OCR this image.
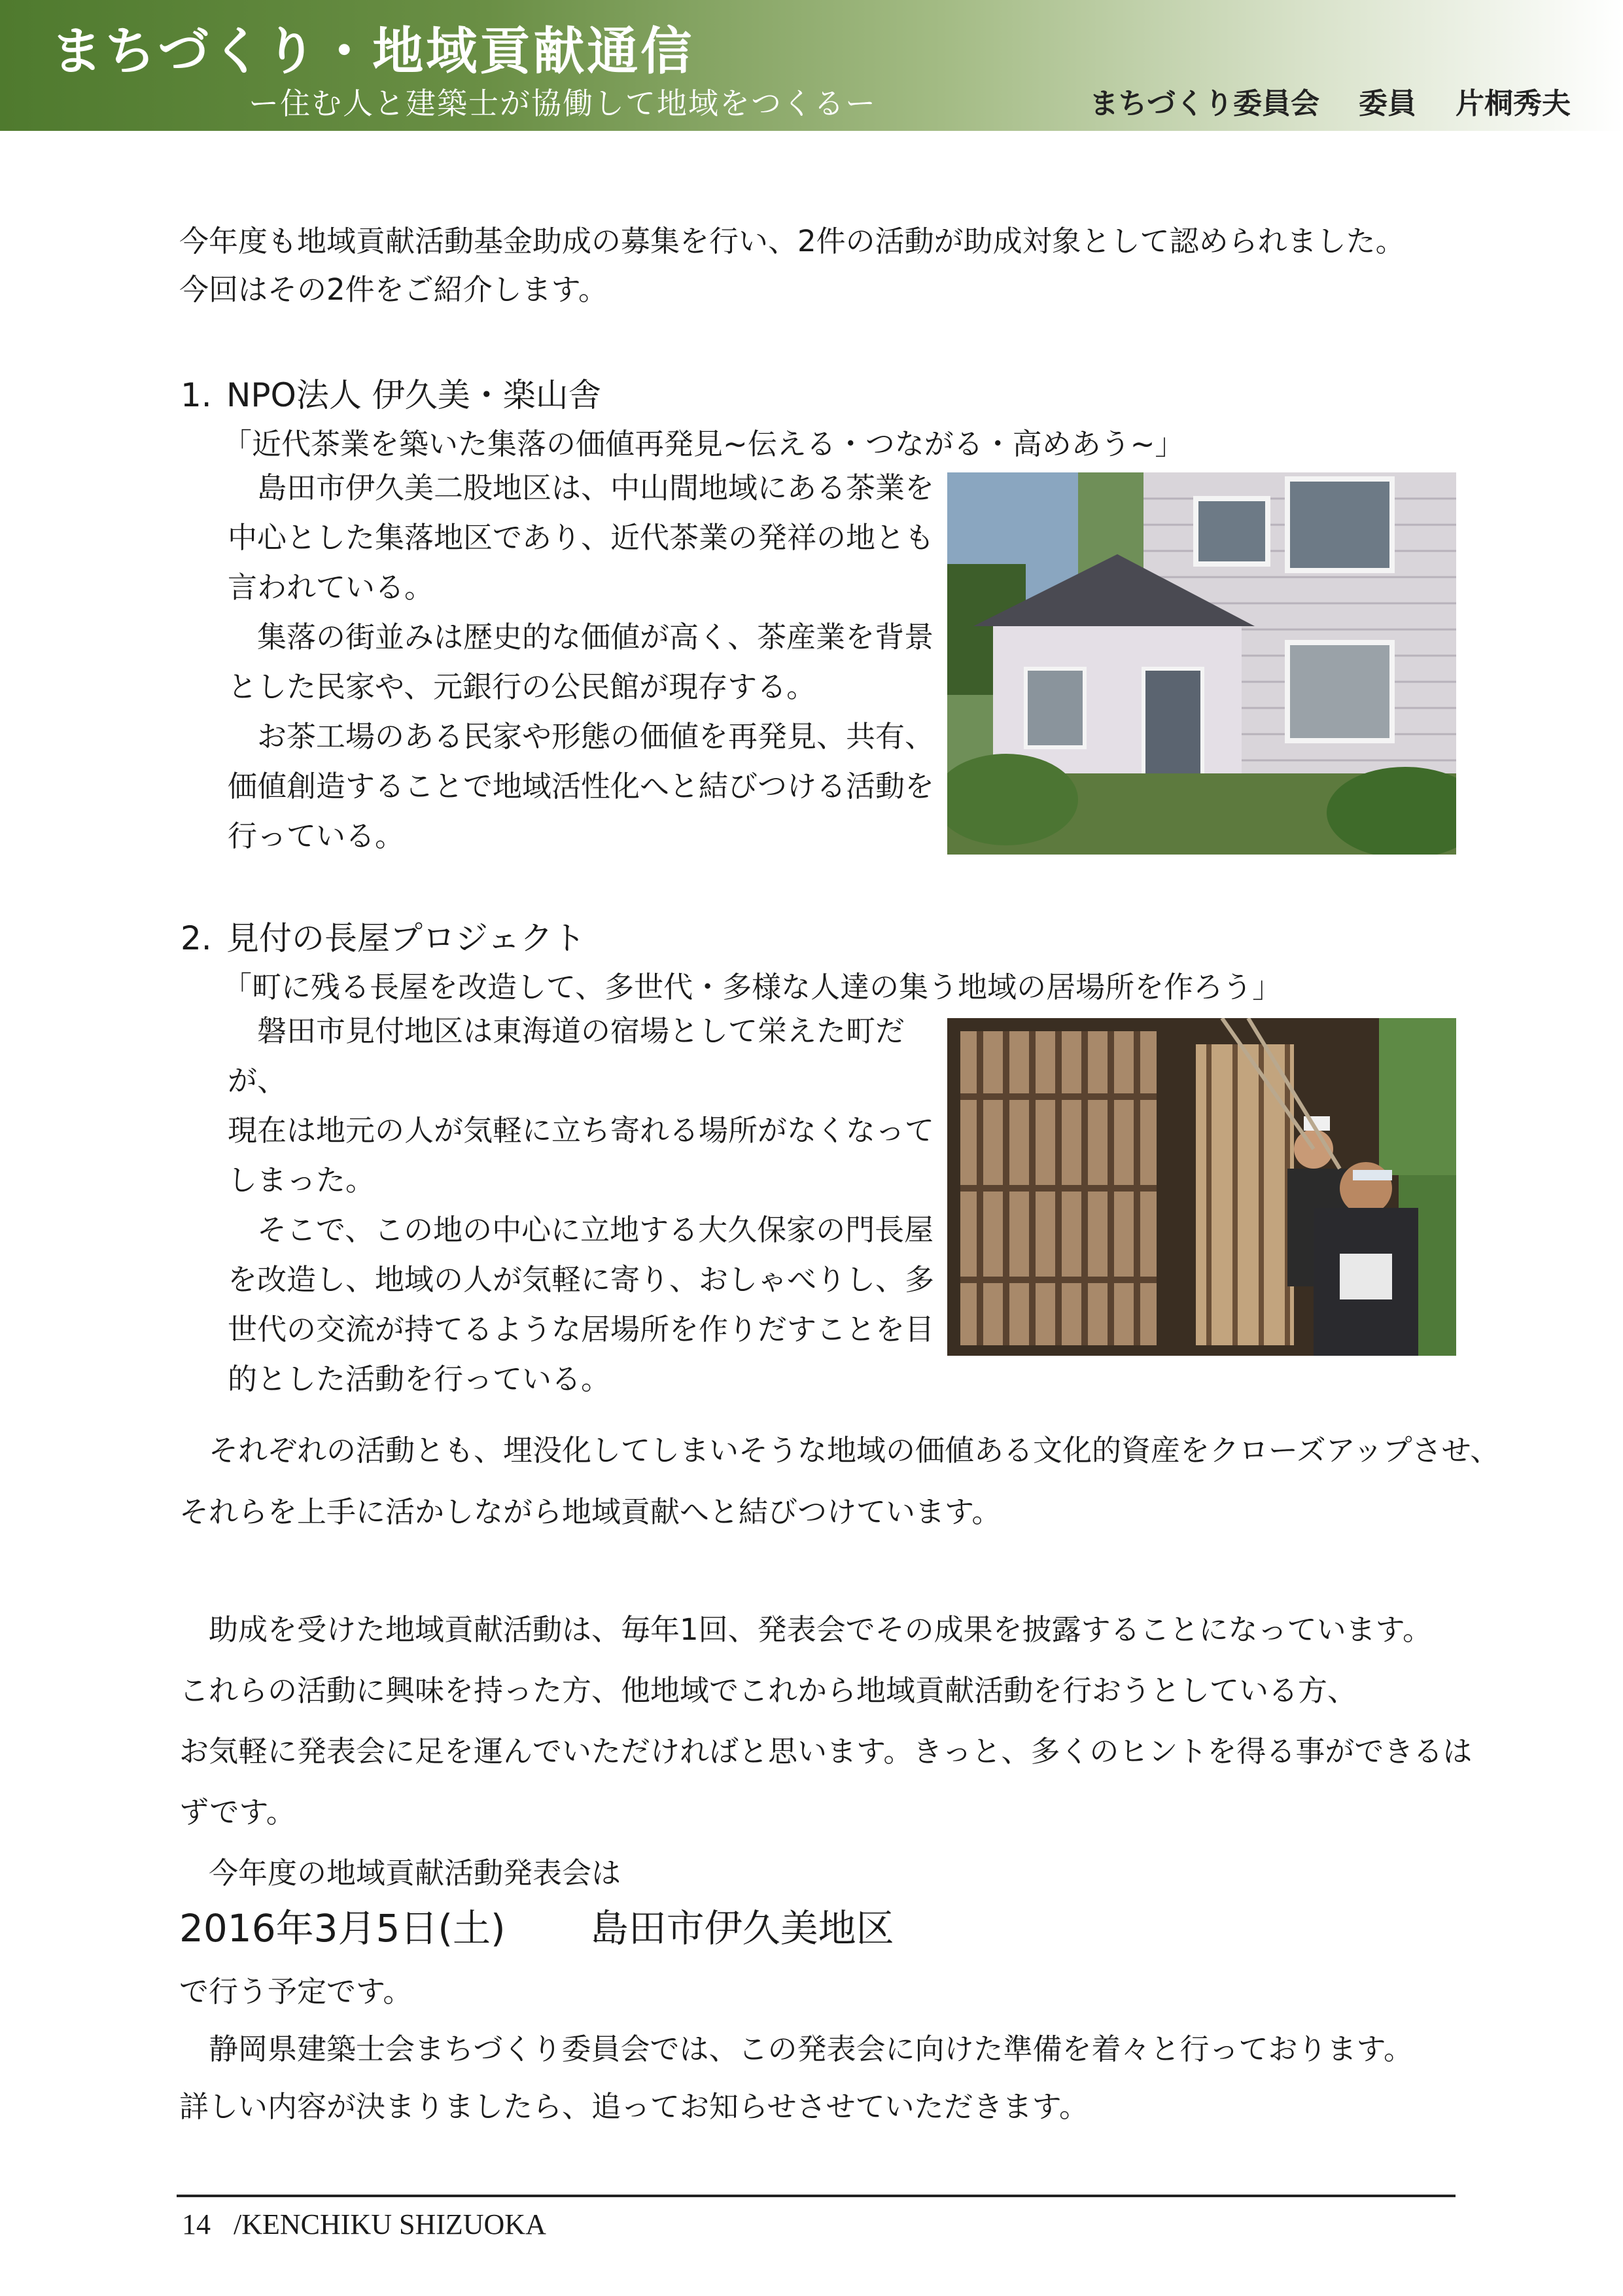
まちづくり・地域貢献通信
ー住む人と建築士が協働して地域をつくるー	まちづくり委員会 委員 片桐秀夫
今年度も地域貢献活動基金助成の募集を行い、2件の活動が助成対象として認められました。
今回はその2件をご紹介します。
1. NPO法人 伊久美・楽山舎
「近代茶業を築いた集落の価値再発見~伝える・つながる・高めあう~」

島田市伊久美二股地区は、中山間地域にある茶業を

中心とした集落地区であり、近代茶業の発祥の地とも

言われている。

集落の街並みは歴史的な価値が高く、茶産業を背景

とした民家や、元銀行の公民館が現存する。

お茶工場のある民家や形態の価値を再発見、共有、

価値創造することで地域活性化へと結びつける活動を

行っている。

2. 見付の長屋プロジェクト
「町に残る長屋を改造して、多世代・多様な人達の集う地域の居場所を作ろう」

磐田市見付地区は東海道の宿場として栄えた町だが、

現在は地元の人が気軽に立ち寄れる場所がなくなって

しまった。

そこで、この地の中心に立地する大久保家の門長屋

を改造し、地域の人が気軽に寄り、おしゃべりし、多

世代の交流が持てるような居場所を作りだすことを目

的とした活動を行っている。

それぞれの活動とも、埋没化してしまいそうな地域の価値ある文化的資産をクローズアップさせ、
それらを上手に活かしながら地域貢献へと結びつけています。
助成を受けた地域貢献活動は、毎年1回、発表会でその成果を披露することになっています。
これらの活動に興味を持った方、他地域でこれから地域貢献活動を行おうとしている方、
お気軽に発表会に足を運んでいただければと思います。きっと、多くのヒントを得る事ができるは
ずです。
今年度の地域貢献活動発表会は
2016年3月5日(土) 島田市伊久美地区
で行う予定です。
静岡県建築士会まちづくり委員会では、この発表会に向けた準備を着々と行っております。
詳しい内容が決まりましたら、追ってお知らせさせていただきます。
14 /KENCHIKU SHIZUOKA
